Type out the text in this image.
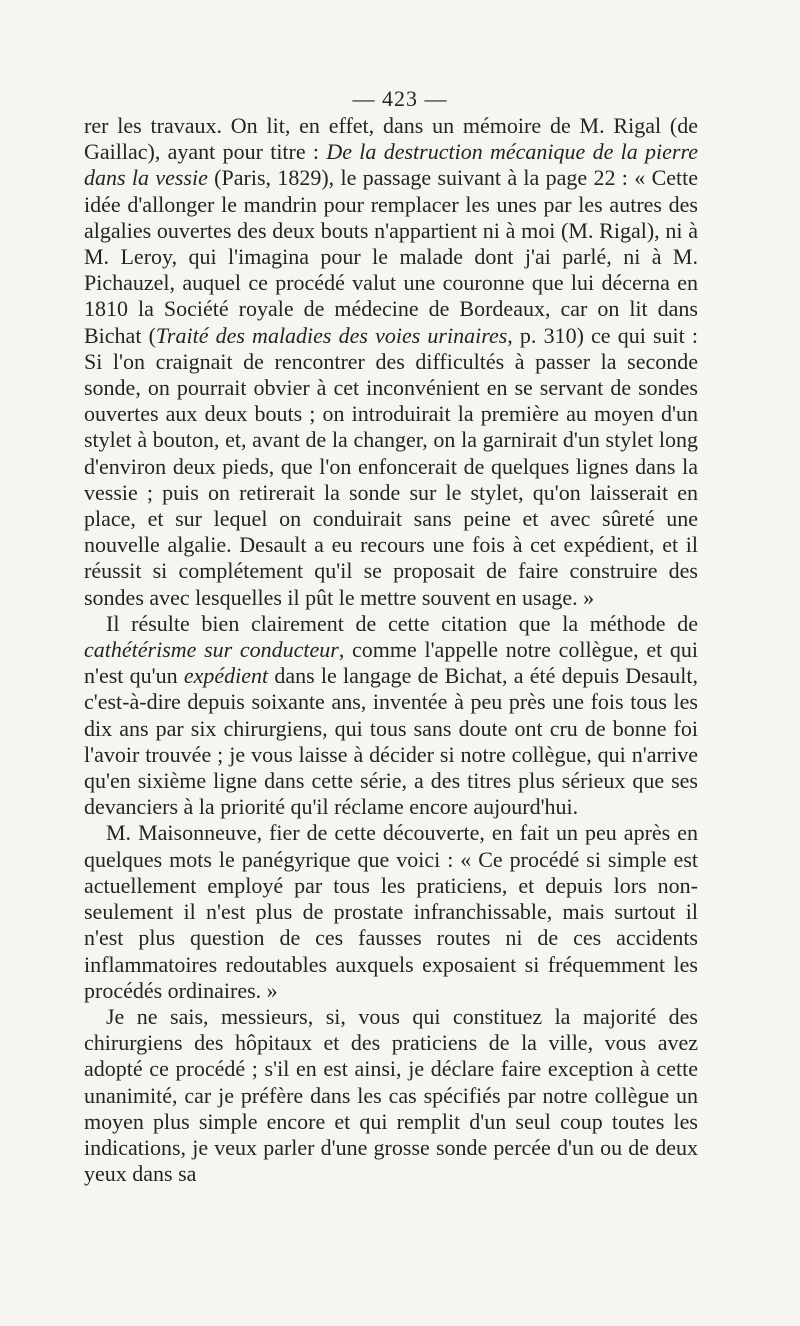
— 423 —

rer les travaux. On lit, en effet, dans un mémoire de M. Rigal (de Gaillac), ayant pour titre : De la destruction mécanique de la pierre dans la vessie (Paris, 1829), le passage suivant à la page 22 : « Cette idée d'allonger le mandrin pour remplacer les unes par les autres des algalies ouvertes des deux bouts n'appartient ni à moi (M. Rigal), ni à M. Leroy, qui l'imagina pour le malade dont j'ai parlé, ni à M. Pichauzel, auquel ce procédé valut une couronne que lui décerna en 1810 la Société royale de médecine de Bordeaux, car on lit dans Bichat (Traité des maladies des voies urinaires, p. 310) ce qui suit : Si l'on craignait de rencontrer des difficultés à passer la seconde sonde, on pourrait obvier à cet inconvénient en se servant de sondes ouvertes aux deux bouts ; on introduirait la première au moyen d'un stylet à bouton, et, avant de la changer, on la garnirait d'un stylet long d'environ deux pieds, que l'on enfoncerait de quelques lignes dans la vessie ; puis on retirerait la sonde sur le stylet, qu'on laisserait en place, et sur lequel on conduirait sans peine et avec sûreté une nouvelle algalie. Desault a eu recours une fois à cet expédient, et il réussit si complétement qu'il se proposait de faire construire des sondes avec lesquelles il pût le mettre souvent en usage. »

Il résulte bien clairement de cette citation que la méthode de cathétérisme sur conducteur, comme l'appelle notre collègue, et qui n'est qu'un expédient dans le langage de Bichat, a été depuis Desault, c'est-à-dire depuis soixante ans, inventée à peu près une fois tous les dix ans par six chirurgiens, qui tous sans doute ont cru de bonne foi l'avoir trouvée ; je vous laisse à décider si notre collègue, qui n'arrive qu'en sixième ligne dans cette série, a des titres plus sérieux que ses devanciers à la priorité qu'il réclame encore aujourd'hui.

M. Maisonneuve, fier de cette découverte, en fait un peu après en quelques mots le panégyrique que voici : « Ce procédé si simple est actuellement employé par tous les praticiens, et depuis lors non-seulement il n'est plus de prostate infranchissable, mais surtout il n'est plus question de ces fausses routes ni de ces accidents inflammatoires redoutables auxquels exposaient si fréquemment les procédés ordinaires. »

Je ne sais, messieurs, si, vous qui constituez la majorité des chirurgiens des hôpitaux et des praticiens de la ville, vous avez adopté ce procédé ; s'il en est ainsi, je déclare faire exception à cette unanimité, car je préfère dans les cas spécifiés par notre collègue un moyen plus simple encore et qui remplit d'un seul coup toutes les indications, je veux parler d'une grosse sonde percée d'un ou de deux yeux dans sa
